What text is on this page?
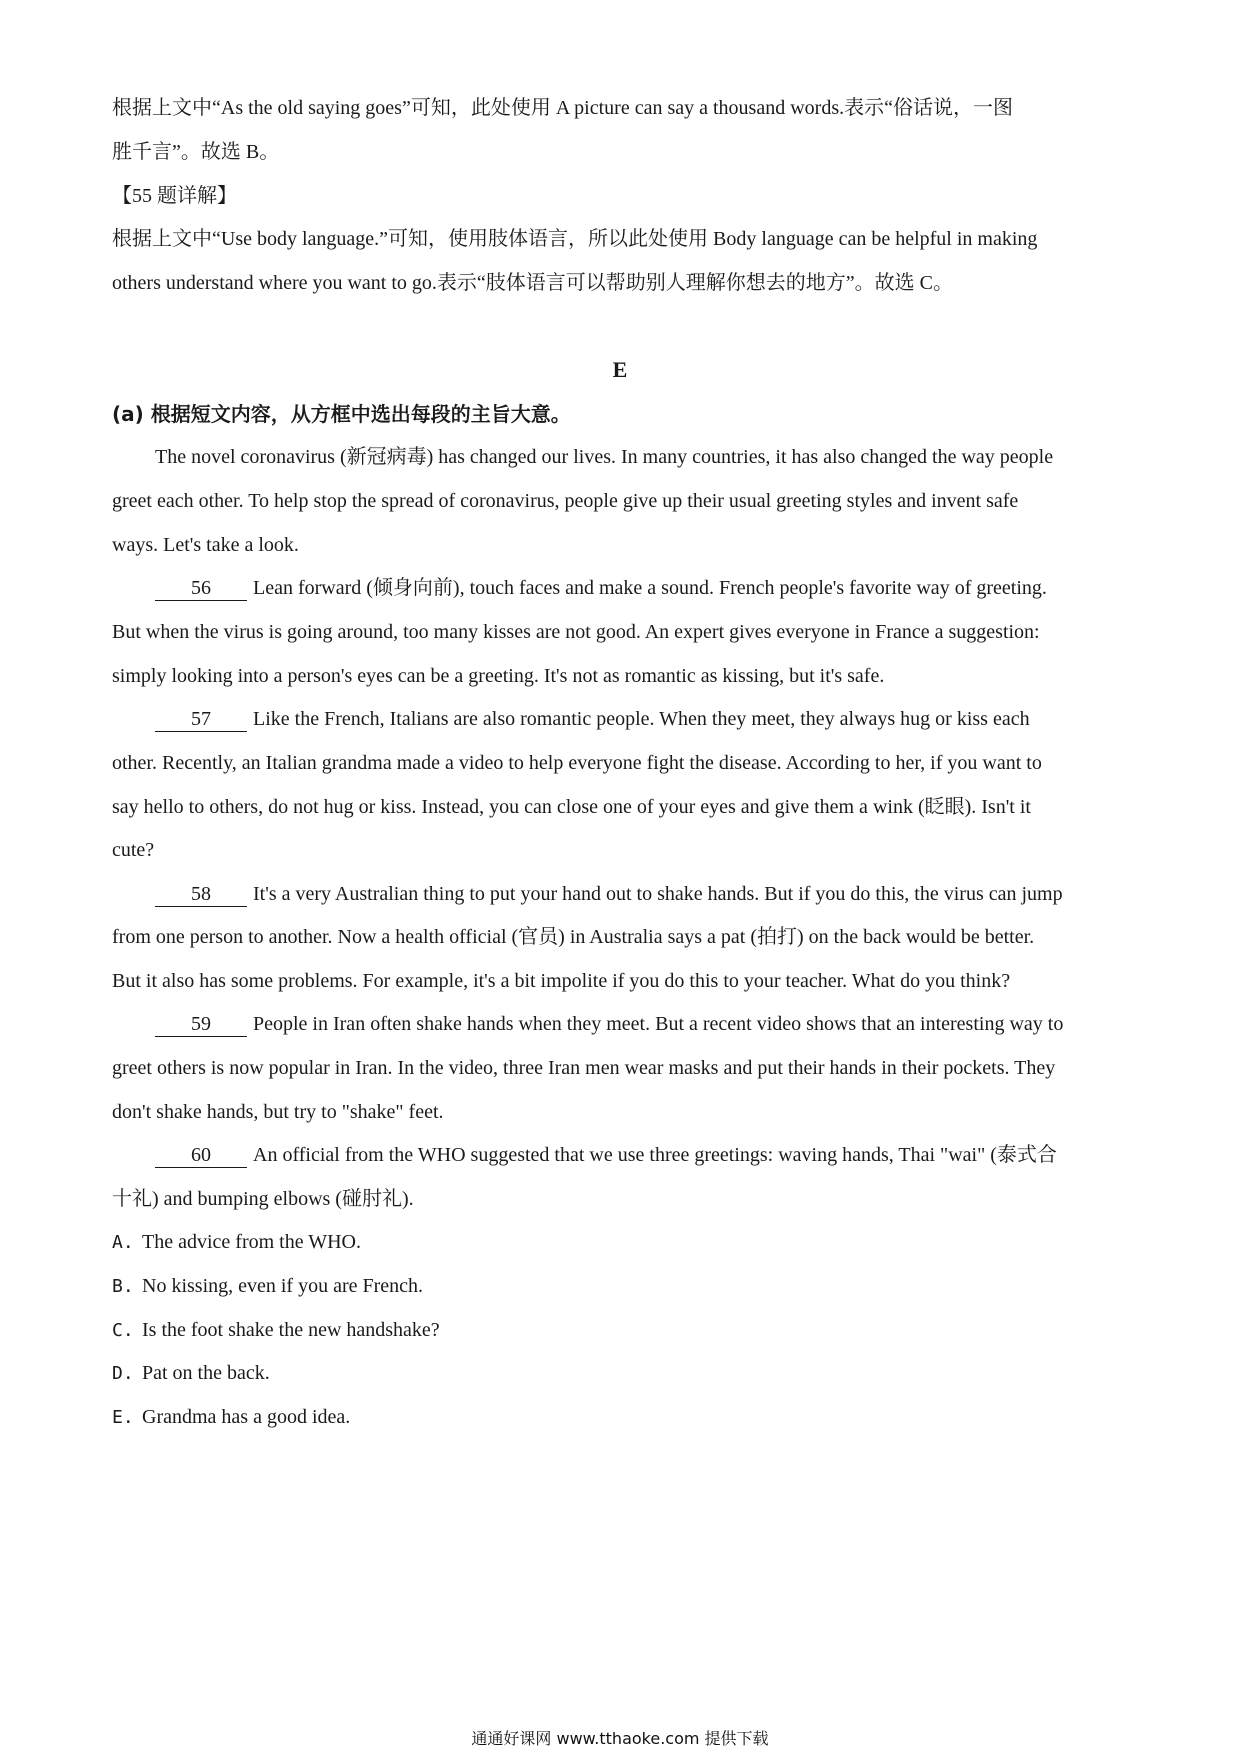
根据上文中“As the old saying goes”可知，此处使用 A picture can say a thousand words.表示“俗话说，一图
胜千言”。故选 B。
【55 题详解】
根据上文中“Use body language.”可知，使用肢体语言，所以此处使用 Body language can be helpful in making
others understand where you want to go.表示“肢体语言可以帮助别人理解你想去的地方”。故选 C。
E
(a) 根据短文内容，从方框中选出每段的主旨大意。
The novel coronavirus (新冠病毒) has changed our lives. In many countries, it has also changed the way people
greet each other. To help stop the spread of coronavirus, people give up their usual greeting styles and invent safe
ways. Let's take a look.
56 Lean forward (倾身向前), touch faces and make a sound. French people's favorite way of greeting.
But when the virus is going around, too many kisses are not good. An expert gives everyone in France a suggestion:
simply looking into a person's eyes can be a greeting. It's not as romantic as kissing, but it's safe.
57 Like the French, Italians are also romantic people. When they meet, they always hug or kiss each
other. Recently, an Italian grandma made a video to help everyone fight the disease. According to her, if you want to
say hello to others, do not hug or kiss. Instead, you can close one of your eyes and give them a wink (眨眼). Isn't it
cute?
58 It's a very Australian thing to put your hand out to shake hands. But if you do this, the virus can jump
from one person to another. Now a health official (官员) in Australia says a pat (拍打) on the back would be better.
But it also has some problems. For example, it's a bit impolite if you do this to your teacher. What do you think?
59 People in Iran often shake hands when they meet. But a recent video shows that an interesting way to
greet others is now popular in Iran. In the video, three Iran men wear masks and put their hands in their pockets. They
don't shake hands, but try to "shake" feet.
60 An official from the WHO suggested that we use three greetings: waving hands, Thai "wai" (泰式合
十礼) and bumping elbows (碰肘礼).
A. The advice from the WHO.
B. No kissing, even if you are French.
C. Is the foot shake the new handshake?
D. Pat on the back.
E. Grandma has a good idea.
通通好课网 www.tthaoke.com 提供下载
